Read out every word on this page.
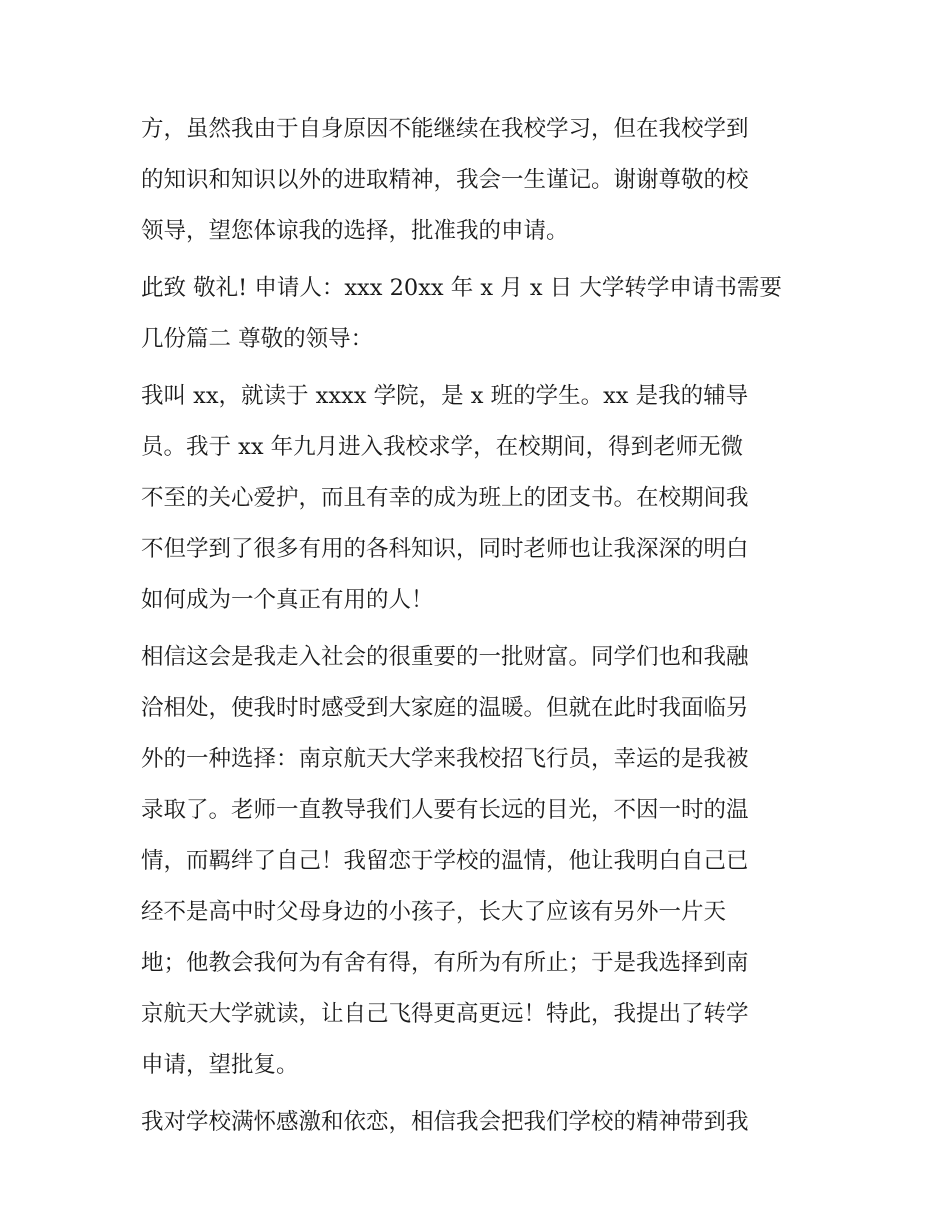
方，虽然我由于自身原因不能继续在我校学习，但在我校学到
的知识和知识以外的进取精神，我会一生谨记。谢谢尊敬的校
领导，望您体谅我的选择，批准我的申请。
此致 敬礼! 申请人：xxx 20xx 年 x 月 x 日 大学转学申请书需要
几份篇二 尊敬的领导：
我叫 xx，就读于 xxxx 学院，是 x 班的学生。xx 是我的辅导
员。我于 xx 年九月进入我校求学，在校期间，得到老师无微
不至的关心爱护，而且有幸的成为班上的团支书。在校期间我
不但学到了很多有用的各科知识，同时老师也让我深深的明白
如何成为一个真正有用的人！
相信这会是我走入社会的很重要的一批财富。同学们也和我融
洽相处，使我时时感受到大家庭的温暖。但就在此时我面临另
外的一种选择：南京航天大学来我校招飞行员，幸运的是我被
录取了。老师一直教导我们人要有长远的目光，不因一时的温
情，而羁绊了自己！我留恋于学校的温情，他让我明白自己已
经不是高中时父母身边的小孩子，长大了应该有另外一片天
地；他教会我何为有舍有得，有所为有所止；于是我选择到南
京航天大学就读，让自己飞得更高更远！特此，我提出了转学
申请，望批复。
我对学校满怀感激和依恋，相信我会把我们学校的精神带到我
